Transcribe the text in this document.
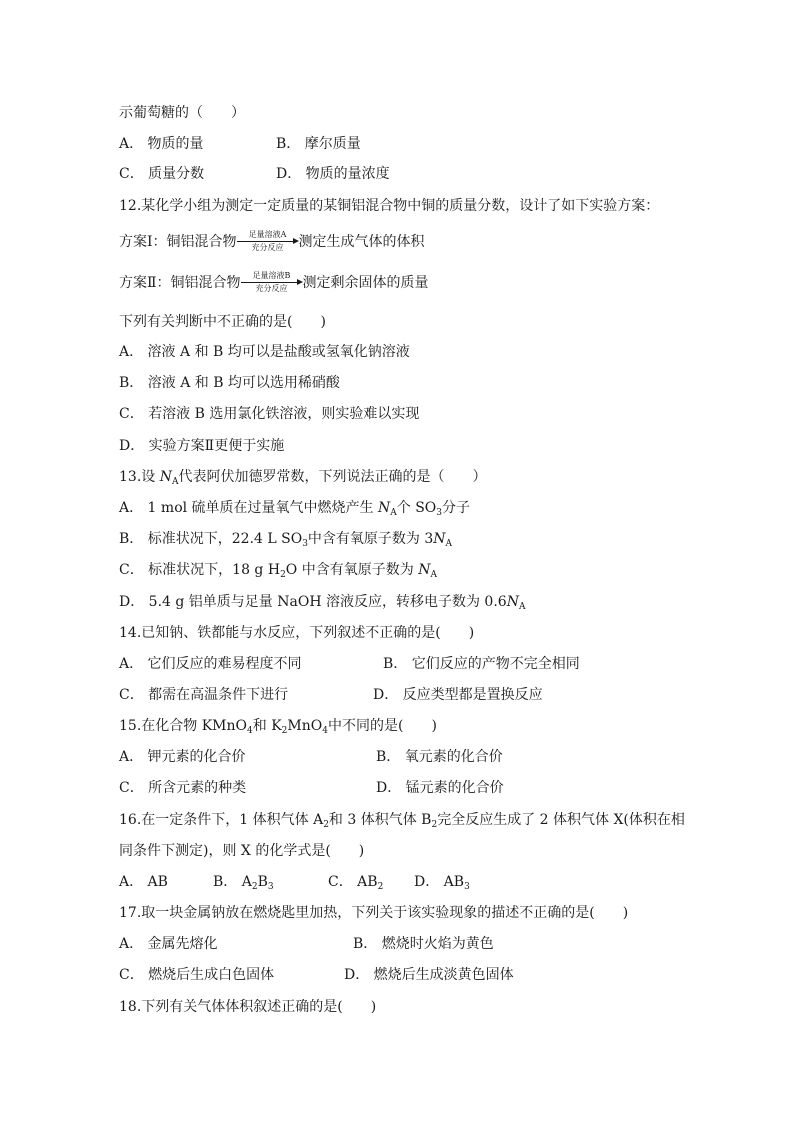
示葡萄糖的（　　）
A． 物质的量	B． 摩尔质量
C． 质量分数	D． 物质的量浓度
12.某化学小组为测定一定质量的某铜铝混合物中铜的质量分数，设计了如下实验方案：
方案Ⅰ：铜铝混合物	足量溶液A
充分反应	测定生成气体的体积
方案Ⅱ：铜铝混合物	足量溶液B
充分反应	测定剩余固体的质量
下列有关判断中不正确的是(　　)
A． 溶液 A 和 B 均可以是盐酸或氢氧化钠溶液
B． 溶液 A 和 B 均可以选用稀硝酸
C． 若溶液 B 选用氯化铁溶液，则实验难以实现
D． 实验方案Ⅱ更便于实施
13.设 $N_A$代表阿伏加德罗常数，下列说法正确的是（　　）
A． 1 mol 硫单质在过量氧气中燃烧产生 $N_A$个 $SO_3$分子
B． 标准状况下，22.4 L $SO_3$中含有氧原子数为 $3N_A$
C． 标准状况下，18 g $H_2O$ 中含有氧原子数为 $N_A$
D． 5.4 g 铝单质与足量 NaOH 溶液反应，转移电子数为 $0.6N_A$
14.已知钠、铁都能与水反应，下列叙述不正确的是(　　)
A． 它们反应的难易程度不同	B． 它们反应的产物不完全相同
C． 都需在高温条件下进行	D． 反应类型都是置换反应
15.在化合物 KMnO$_4$和 $K_2MnO_4$中不同的是(　　)
A． 钾元素的化合价	B． 氧元素的化合价
C． 所含元素的种类	D． 锰元素的化合价
16.在一定条件下，1 体积气体 $A_2$和 3 体积气体 $B_2$完全反应生成了 2 体积气体 X(体积在相
同条件下测定)，则 X 的化学式是(　　)
A． AB	B． $A_2B_3$	C． $AB_2$ D． $AB_3$
17.取一块金属钠放在燃烧匙里加热，下列关于该实验现象的描述不正确的是(　　)
A． 金属先熔化	B． 燃烧时火焰为黄色
C． 燃烧后生成白色固体	D． 燃烧后生成淡黄色固体
18.下列有关气体体积叙述正确的是(　　)
